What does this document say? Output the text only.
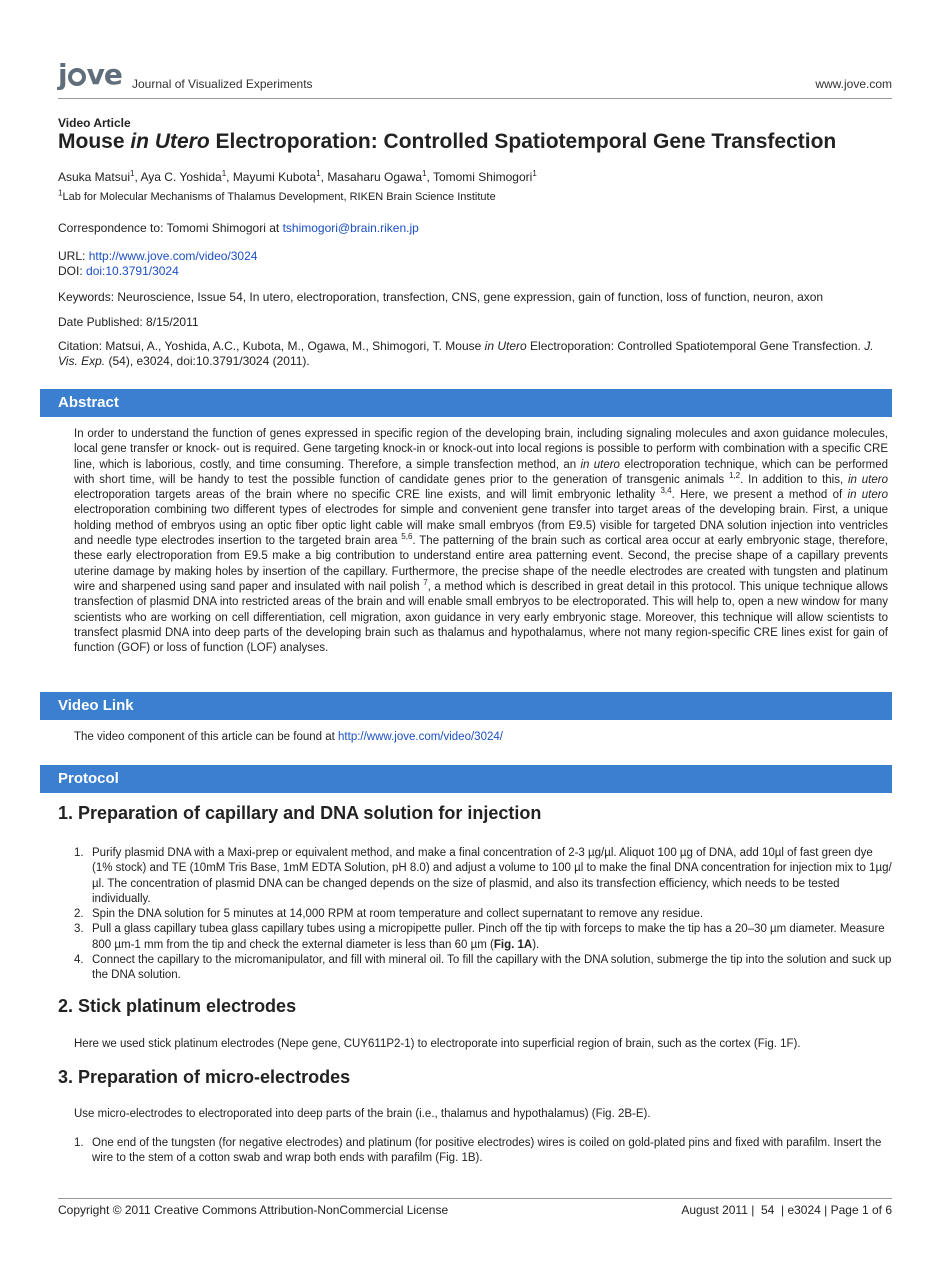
j ve Journal of Visualized Experiments	www.jove.com
Video Article
Mouse in Utero Electroporation: Controlled Spatiotemporal Gene Transfection
Asuka Matsui$^1$, Aya C. Yoshida$^1$, Mayumi Kubota$^1$, Masaharu Ogawa$^1$, Tomomi Shimogori$^1$
$^1$Lab for Molecular Mechanisms of Thalamus Development, RIKEN Brain Science Institute
Correspondence to: Tomomi Shimogori at tshimogori@brain.riken.jp
URL: http://www.jove.com/video/3024
DOI: doi:10.3791/3024
Keywords: Neuroscience, Issue 54, In utero, electroporation, transfection, CNS, gene expression, gain of function, loss of function, neuron, axon
Date Published: 8/15/2011
Citation: Matsui, A., Yoshida, A.C., Kubota, M., Ogawa, M., Shimogori, T. Mouse in Utero Electroporation: Controlled Spatiotemporal Gene Transfection. J. Vis. Exp. (54), e3024, doi:10.3791/3024 (2011).
Abstract
In order to understand the function of genes expressed in specific region of the developing brain, including signaling molecules and axon guidance molecules, local gene transfer or knock- out is required. Gene targeting knock-in or knock-out into local regions is possible to perform with combination with a specific CRE line, which is laborious, costly, and time consuming. Therefore, a simple transfection method, an in utero electroporation technique, which can be performed with short time, will be handy to test the possible function of candidate genes prior to the generation of transgenic animals $^{1,2}$. In addition to this, in utero electroporation targets areas of the brain where no specific CRE line exists, and will limit embryonic lethality $^{3,4}$. Here, we present a method of in utero electroporation combining two different types of electrodes for simple and convenient gene transfer into target areas of the developing brain. First, a unique holding method of embryos using an optic fiber optic light cable will make small embryos (from E9.5) visible for targeted DNA solution injection into ventricles and needle type electrodes insertion to the targeted brain area $^{5,6}$. The patterning of the brain such as cortical area occur at early embryonic stage, therefore, these early electroporation from E9.5 make a big contribution to understand entire area patterning event. Second, the precise shape of a capillary prevents uterine damage by making holes by insertion of the capillary. Furthermore, the precise shape of the needle electrodes are created with tungsten and platinum wire and sharpened using sand paper and insulated with nail polish $^7$, a method which is described in great detail in this protocol. This unique technique allows transfection of plasmid DNA into restricted areas of the brain and will enable small embryos to be electroporated. This will help to, open a new window for many scientists who are working on cell differentiation, cell migration, axon guidance in very early embryonic stage. Moreover, this technique will allow scientists to transfect plasmid DNA into deep parts of the developing brain such as thalamus and hypothalamus, where not many region-specific CRE lines exist for gain of function (GOF) or loss of function (LOF) analyses.
Video Link
The video component of this article can be found at http://www.jove.com/video/3024/
Protocol
1. Preparation of capillary and DNA solution for injection
1. Purify plasmid DNA with a Maxi-prep or equivalent method, and make a final concentration of 2-3 µg/µl. Aliquot 100 µg of DNA, add 10µl of fast green dye (1% stock) and TE (10mM Tris Base, 1mM EDTA Solution, pH 8.0) and adjust a volume to 100 µl to make the final DNA concentration for injection mix to 1µg/µl. The concentration of plasmid DNA can be changed depends on the size of plasmid, and also its transfection efficiency, which needs to be tested individually.
2. Spin the DNA solution for 5 minutes at 14,000 RPM at room temperature and collect supernatant to remove any residue.
3. Pull a glass capillary tubea glass capillary tubes using a micropipette puller. Pinch off the tip with forceps to make the tip has a 20–30 µm diameter. Measure 800 µm-1 mm from the tip and check the external diameter is less than 60 µm (Fig. 1A).
4. Connect the capillary to the micromanipulator, and fill with mineral oil. To fill the capillary with the DNA solution, submerge the tip into the solution and suck up the DNA solution.
2. Stick platinum electrodes
Here we used stick platinum electrodes (Nepe gene, CUY611P2-1) to electroporate into superficial region of brain, such as the cortex (Fig. 1F).
3. Preparation of micro-electrodes
Use micro-electrodes to electroporated into deep parts of the brain (i.e., thalamus and hypothalamus) (Fig. 2B-E).
1. One end of the tungsten (for negative electrodes) and platinum (for positive electrodes) wires is coiled on gold-plated pins and fixed with parafilm. Insert the wire to the stem of a cotton swab and wrap both ends with parafilm (Fig. 1B).
Copyright © 2011 Creative Commons Attribution-NonCommercial License	August 2011 |  54  | e3024 | Page 1 of 6
